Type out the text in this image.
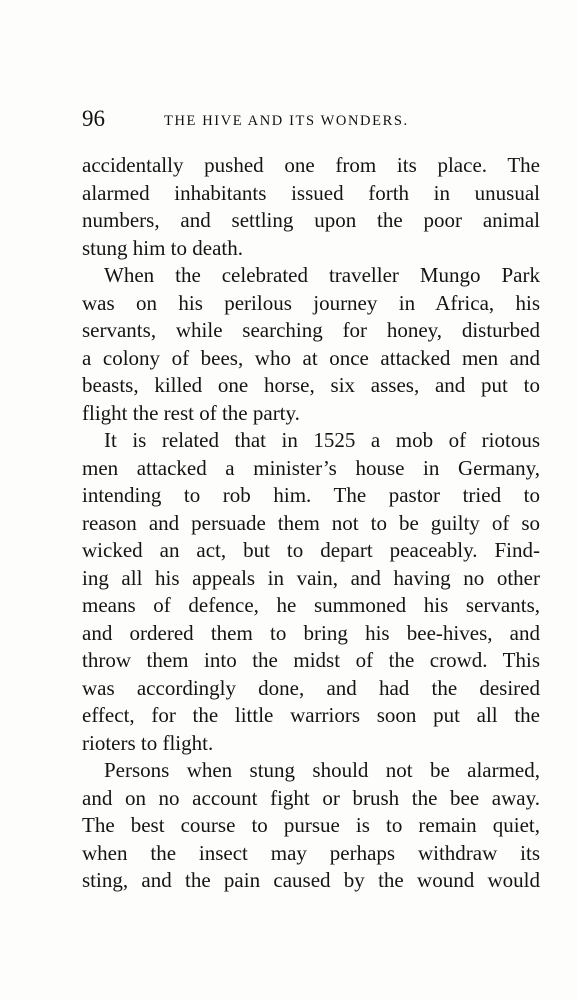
96	THE HIVE AND ITS WONDERS.
accidentally pushed one from its place. The
alarmed inhabitants issued forth in unusual
numbers, and settling upon the poor animal
stung him to death.
When the celebrated traveller Mungo Park
was on his perilous journey in Africa, his
servants, while searching for honey, disturbed
a colony of bees, who at once attacked men and
beasts, killed one horse, six asses, and put to
flight the rest of the party.
It is related that in 1525 a mob of riotous
men attacked a minister’s house in Germany,
intending to rob him. The pastor tried to
reason and persuade them not to be guilty of so
wicked an act, but to depart peaceably. Find-
ing all his appeals in vain, and having no other
means of defence, he summoned his servants,
and ordered them to bring his bee-hives, and
throw them into the midst of the crowd. This
was accordingly done, and had the desired
effect, for the little warriors soon put all the
rioters to flight.
Persons when stung should not be alarmed,
and on no account fight or brush the bee away.
The best course to pursue is to remain quiet,
when the insect may perhaps withdraw its
sting, and the pain caused by the wound would
